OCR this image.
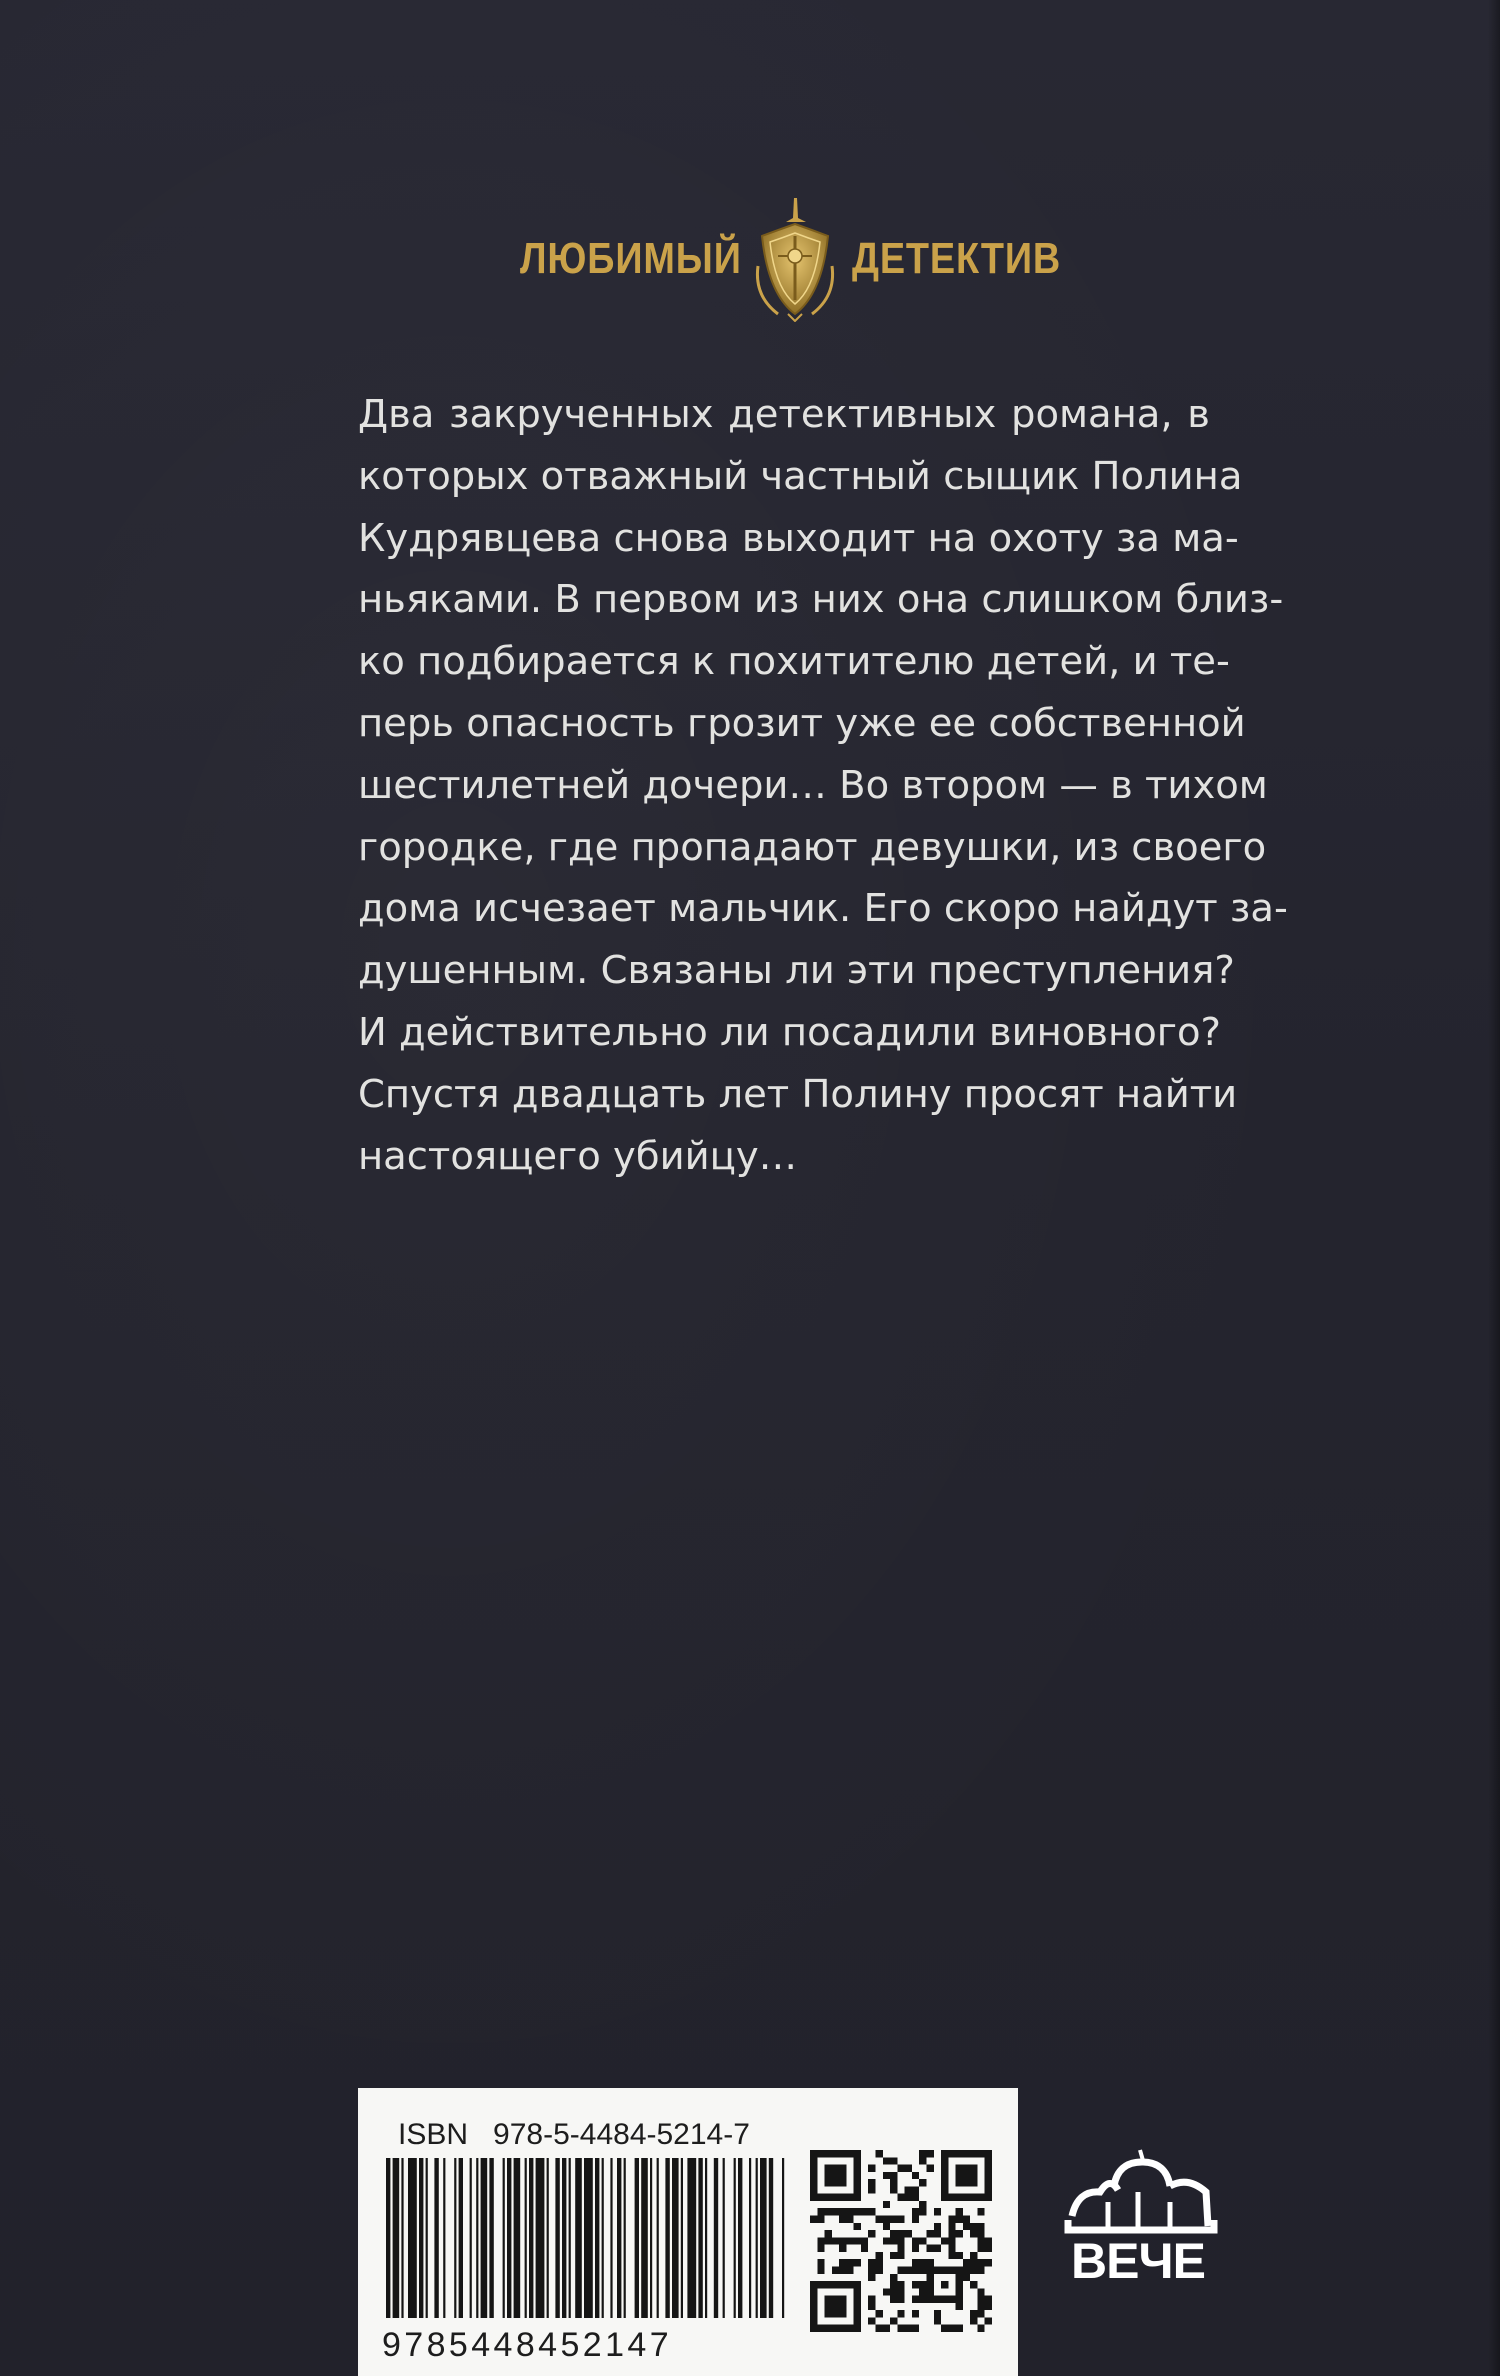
ЛЮБИМЫЙ	ДЕТЕКТИВ
Два закрученных детективных романа, в
которых отважный частный сыщик Полина
Кудрявцева снова выходит на охоту за ма-
ньяками. В первом из них она слишком близ-
ко подбирается к похитителю детей, и те-
перь опасность грозит уже ее собственной
шестилетней дочери… Во втором — в тихом
городке, где пропадают девушки, из своего
дома исчезает мальчик. Его скоро найдут за-
душенным. Связаны ли эти преступления?
И действительно ли посадили виновного?
Спустя двадцать лет Полину просят найти
настоящего убийцу…
ISBN 978-5-4484-5214-7
9785448452147
ВЕЧЕ
